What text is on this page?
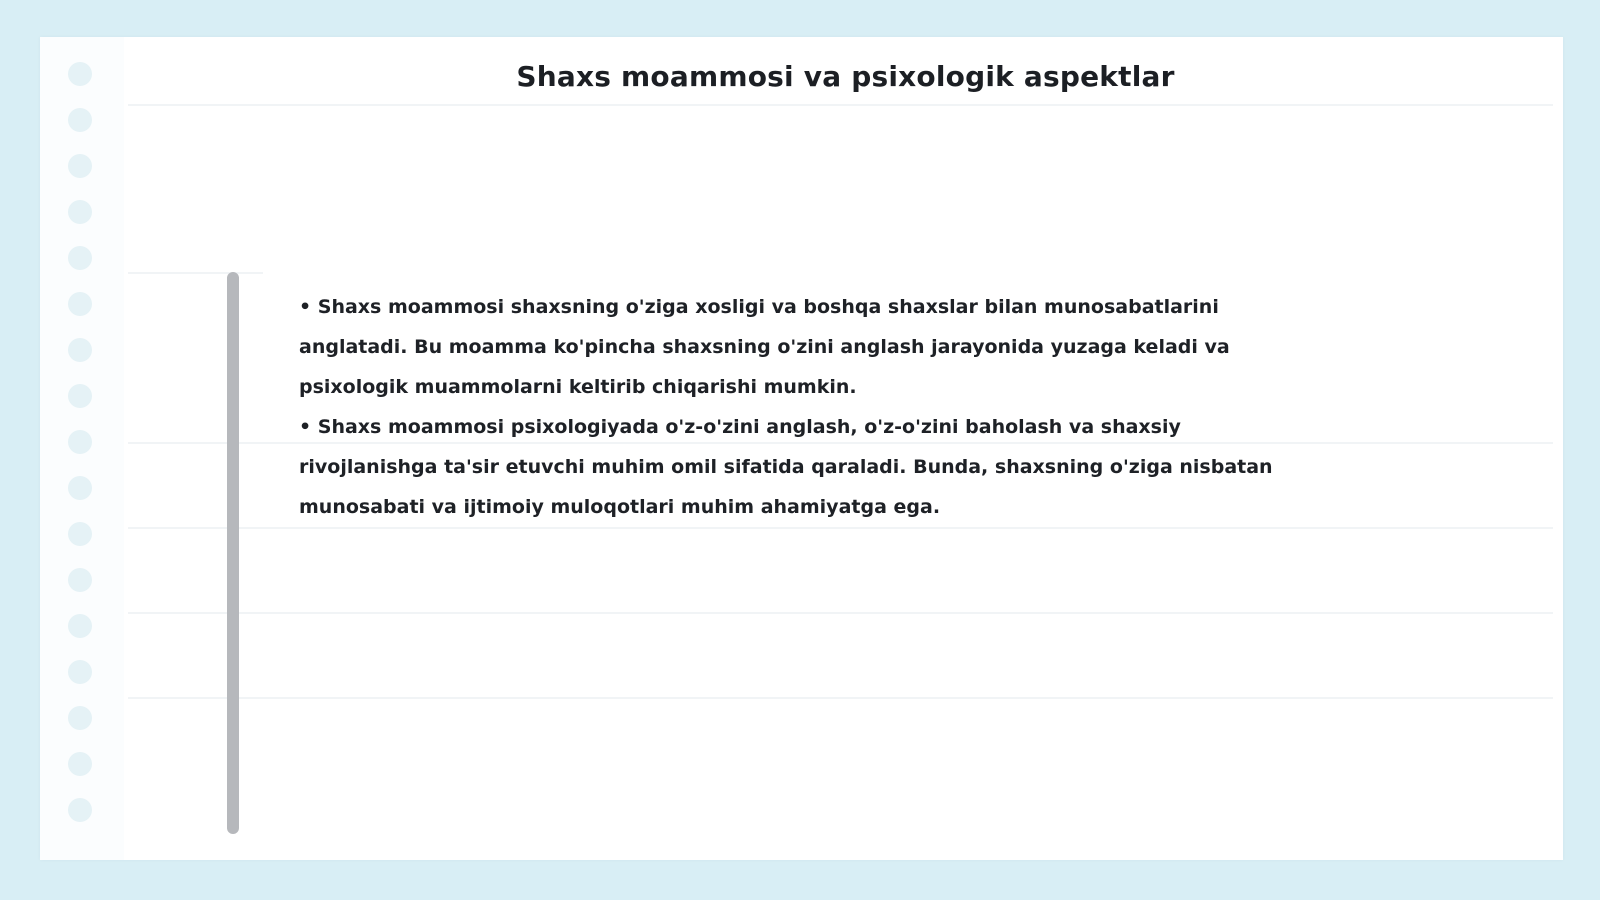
Shaxs moammosi va psixologik aspektlar

• Shaxs moammosi shaxsning o'ziga xosligi va boshqa shaxslar bilan munosabatlarini anglatadi. Bu moamma ko'pincha shaxsning o'zini anglash jarayonida yuzaga keladi va psixologik muammolarni keltirib chiqarishi mumkin.

• Shaxs moammosi psixologiyada o'z-o'zini anglash, o'z-o'zini baholash va shaxsiy rivojlanishga ta'sir etuvchi muhim omil sifatida qaraladi. Bunda, shaxsning o'ziga nisbatan munosabati va ijtimoiy muloqotlari muhim ahamiyatga ega.
